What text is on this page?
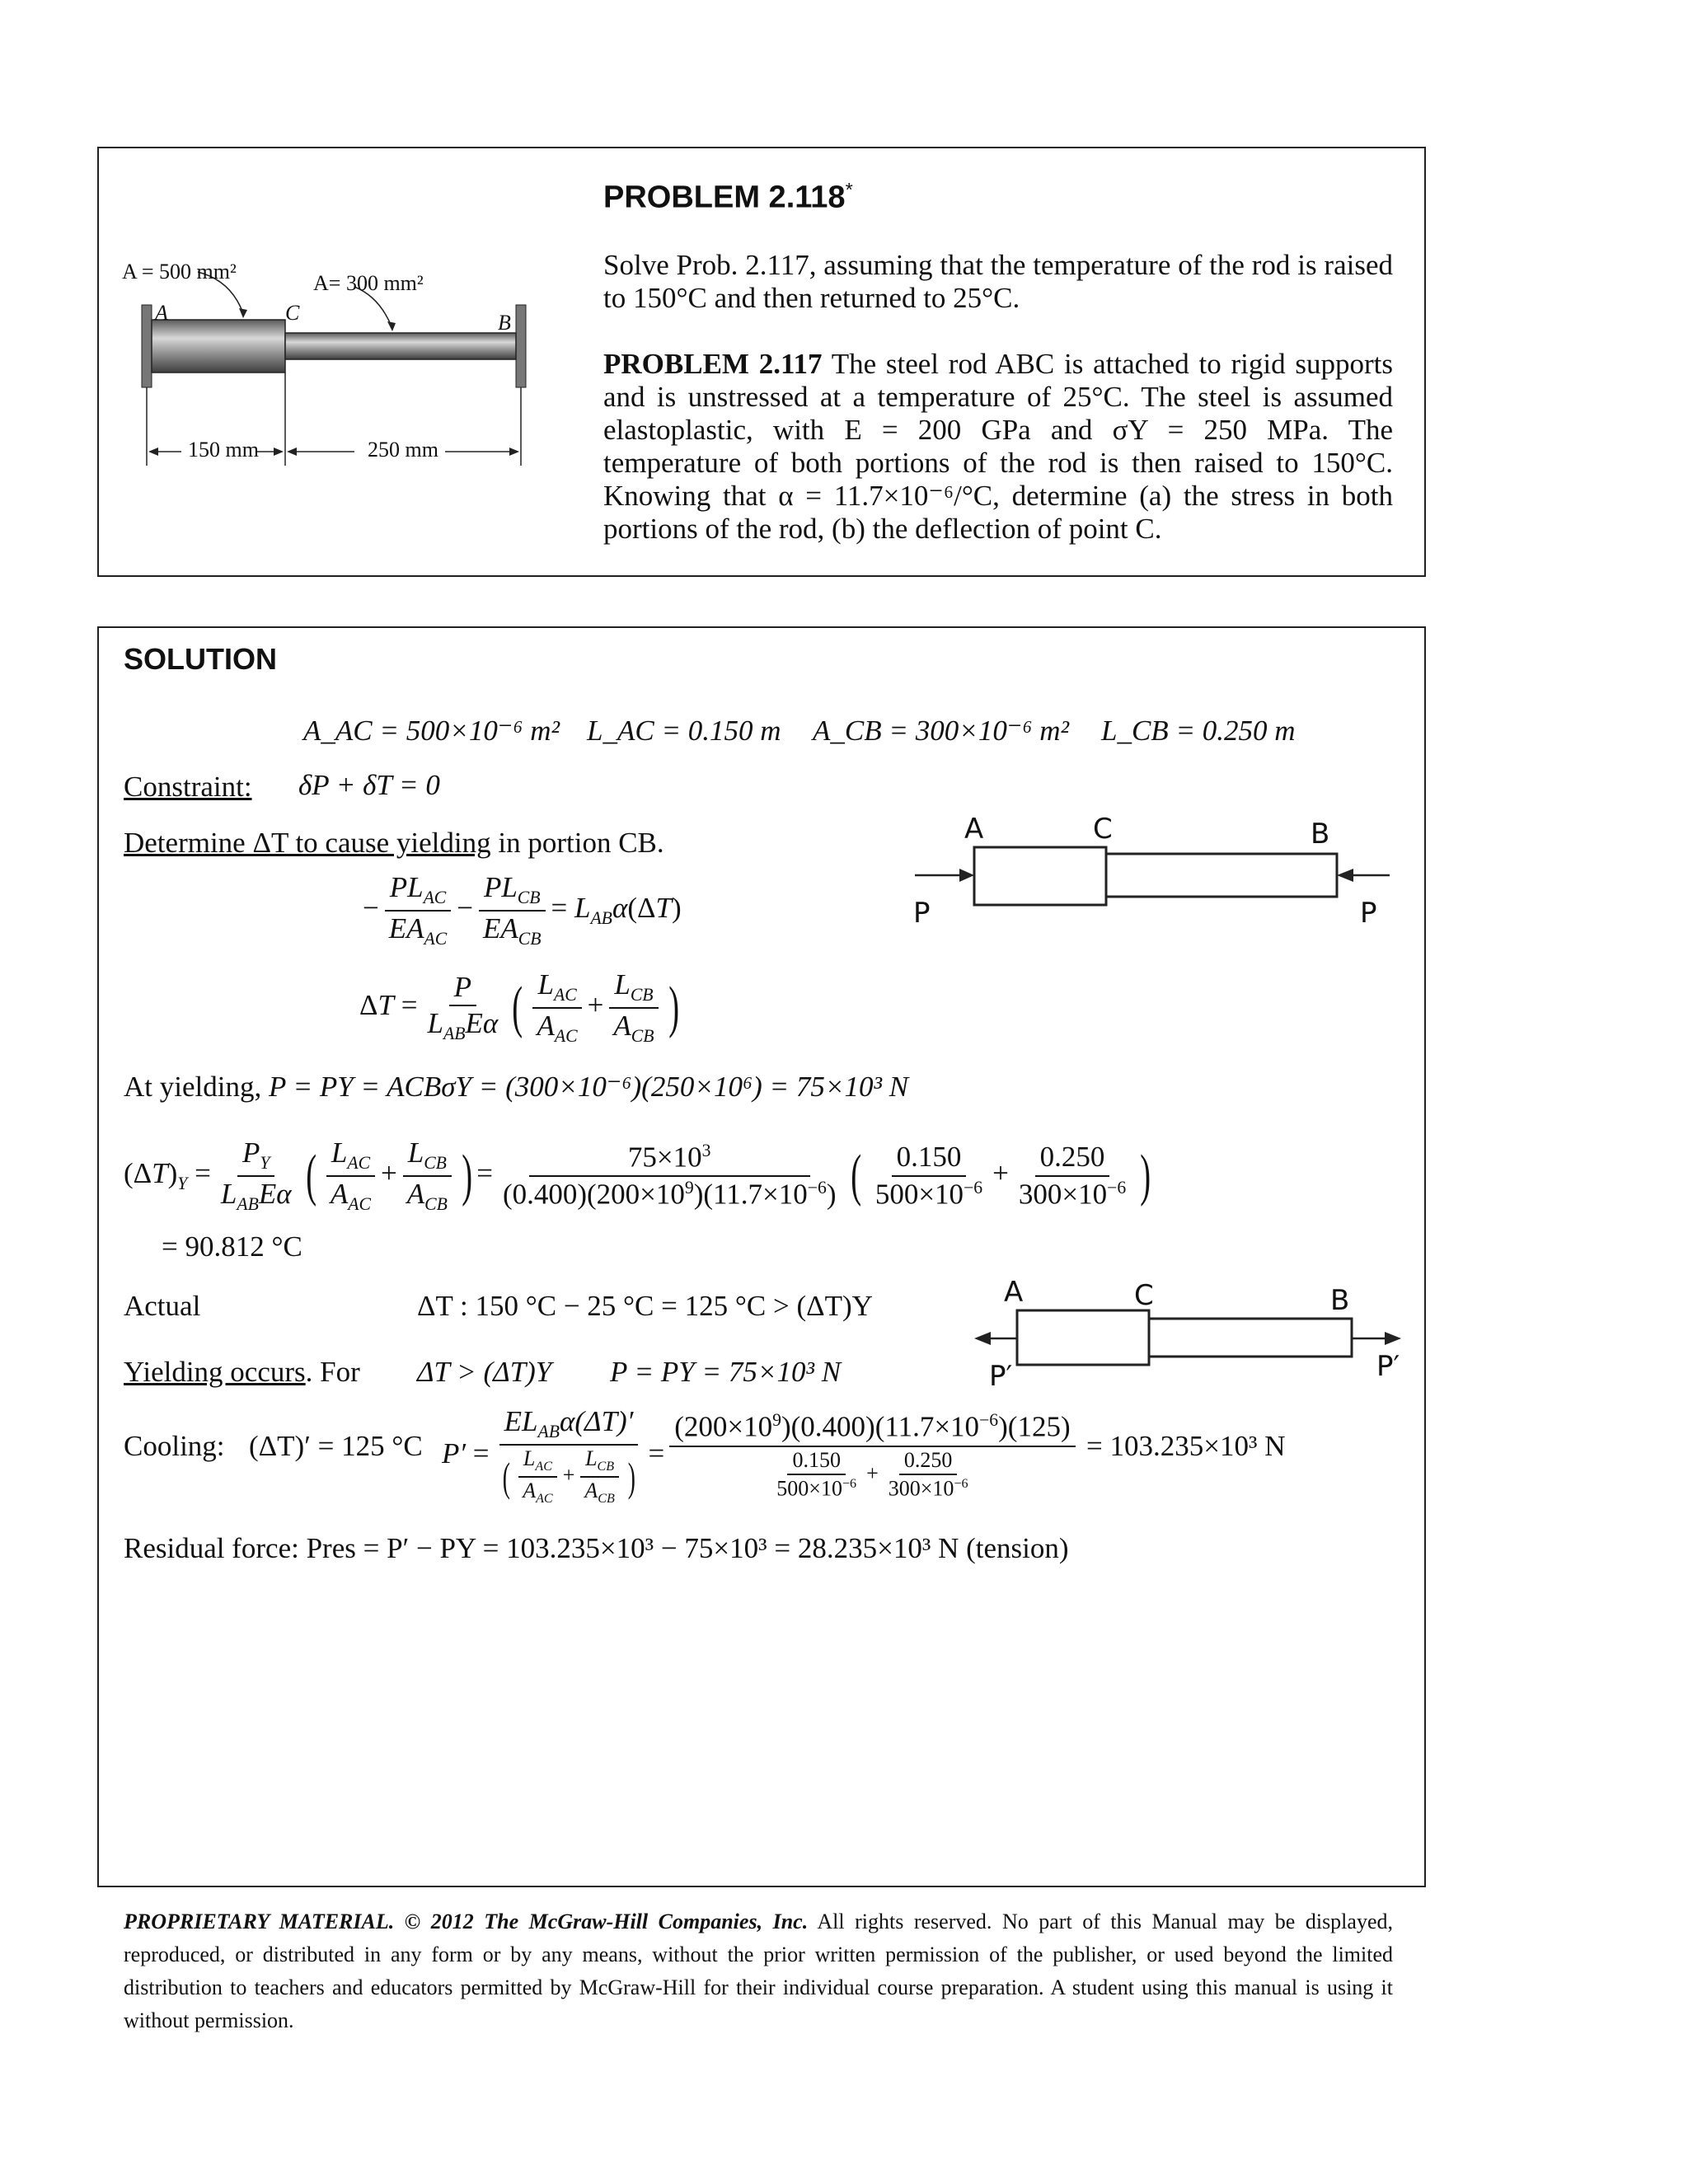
A = 500 mm²	A= 300 mm²
A	C	B
150 mm	250 mm
PROBLEM 2.118*
Solve Prob. 2.117, assuming that the temperature of the rod is raised to 150°C and then returned to 25°C.
PROBLEM 2.117 The steel rod ABC is attached to rigid supports and is unstressed at a temperature of 25°C. The steel is assumed elastoplastic, with E = 200 GPa and σY = 250 MPa. The temperature of both portions of the rod is then raised to 150°C. Knowing that α = 11.7×10⁻⁶/°C, determine (a) the stress in both portions of the rod, (b) the deflection of point C.
SOLUTION
A_AC = 500×10⁻⁶ m² L_AC = 0.150 m A_CB = 300×10⁻⁶ m² L_CB = 0.250 m
Constraint: δP + δT = 0
Determine ΔT to cause yielding in portion CB.
− $\frac{PL_{AC}}{EA_{AC}} - \frac{PL_{CB}}{EA_{CB}} = L_{AB}\alpha(\Delta T)$
$\Delta T = \frac{P}{L_{AB}E\alpha}$ ( $\frac{L_{AC}}{A_{AC}} + \frac{L_{CB}}{A_{CB}}$ )
At yielding, P = PY = ACBσY = (300×10⁻⁶)(250×10⁶) = 75×10³ N
$(\Delta T)_Y = \frac{P_Y}{L_{AB}E\alpha}$ ( $\frac{L_{AC}}{A_{AC}} + \frac{L_{CB}}{A_{CB}}$ ) = $\frac{75\times 10^3}{(0.400)(200\times 10^9)(11.7\times 10^{-6})}$ ( $\frac{0.150}{500\times 10^{-6}} + \frac{0.250}{300\times 10^{-6}}$ )
= 90.812 °C
Actual	ΔT : 150 °C − 25 °C = 125 °C > (ΔT)Y
Yielding occurs. For ΔT > (ΔT)Y P = PY = 75×10³ N
Cooling: (ΔT)′ = 125 °C $P' = \frac{EL_{AB}\alpha(\Delta T)'}{( \frac{L_{AC}}{A_{AC}} + \frac{L_{CB}}{A_{CB}} )} = \frac{(200\times 10^9)(0.400)(11.7\times 10^{-6})(125)}{\frac{0.150}{500\times 10^{-6}} + \frac{0.250}{300\times 10^{-6}}} = 103.235\times 10^3$ N
Residual force: Pres = P′ − PY = 103.235×10³ − 75×10³ = 28.235×10³ N (tension)
A	C	B
P	P
A	C	B
P′	P′
PROPRIETARY MATERIAL. © 2012 The McGraw-Hill Companies, Inc. All rights reserved. No part of this Manual may be displayed, reproduced, or distributed in any form or by any means, without the prior written permission of the publisher, or used beyond the limited distribution to teachers and educators permitted by McGraw-Hill for their individual course preparation. A student using this manual is using it without permission.
